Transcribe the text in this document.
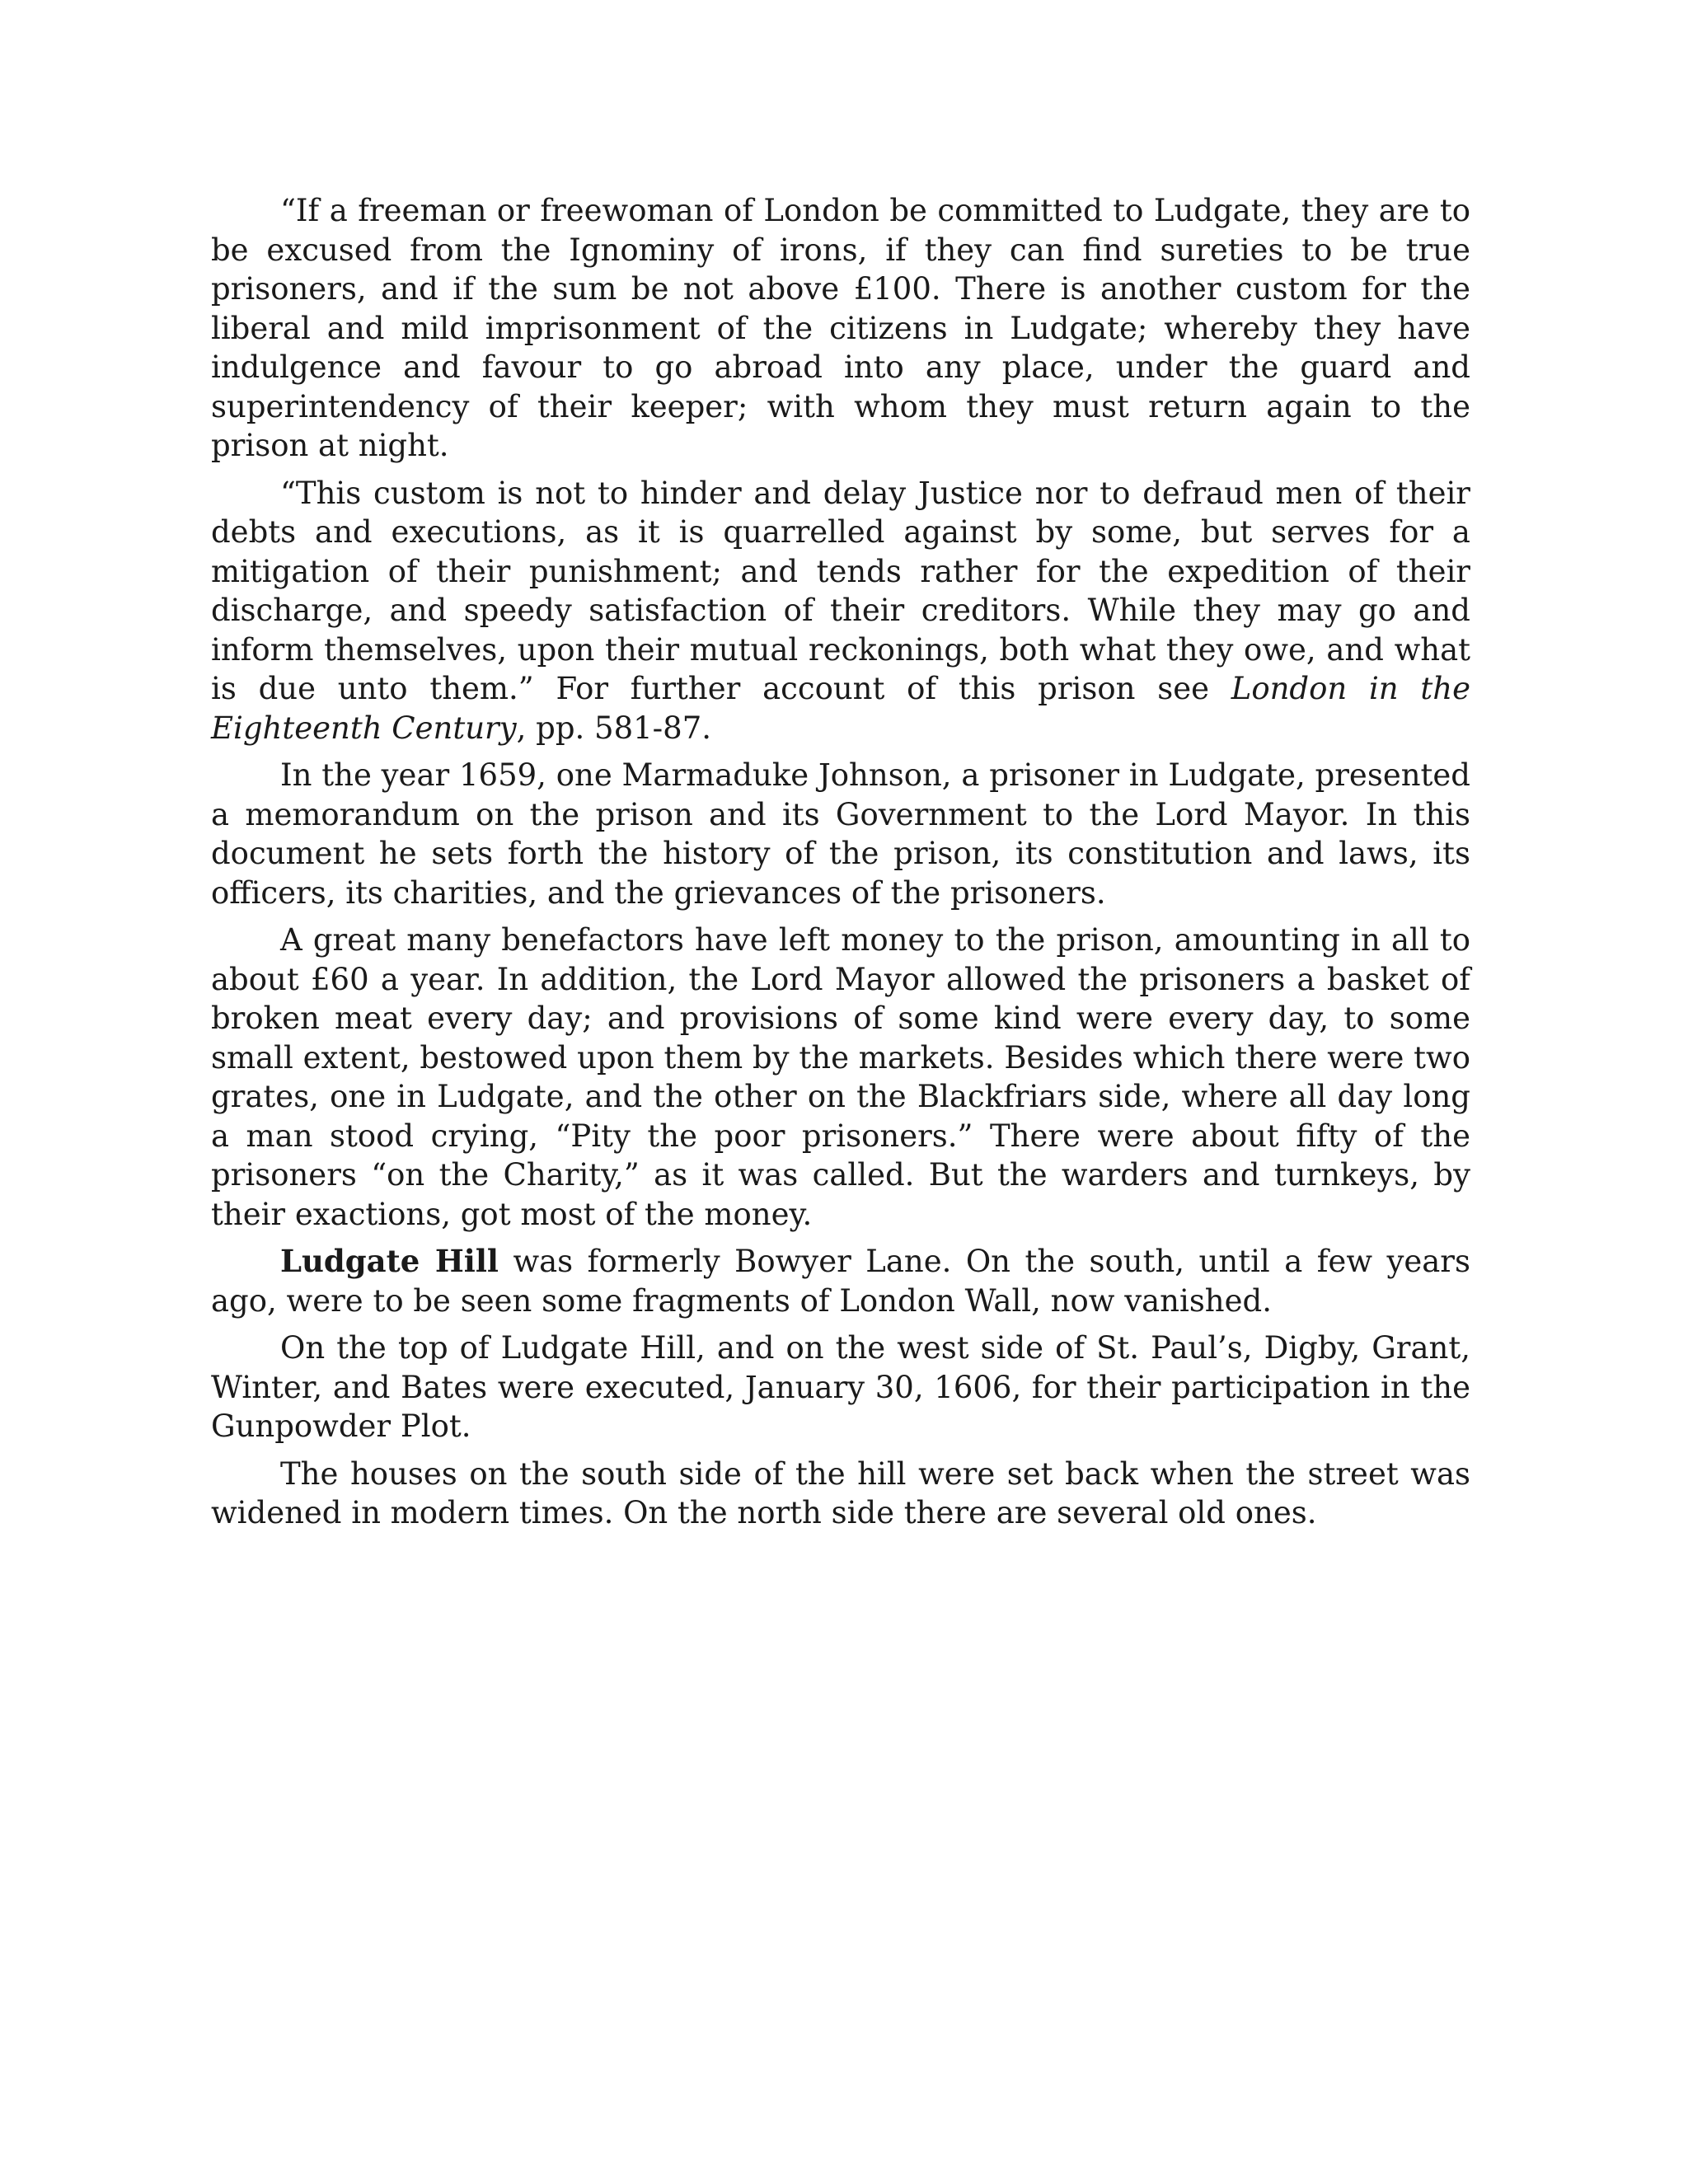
“If a freeman or freewoman of London be committed to Ludgate, they are to be excused from the Ignominy of irons, if they can find sureties to be true prisoners, and if the sum be not above £100. There is another custom for the liberal and mild imprisonment of the citizens in Ludgate; whereby they have indulgence and favour to go abroad into any place, under the guard and superintendency of their keeper; with whom they must return again to the prison at night.

“This custom is not to hinder and delay Justice nor to defraud men of their debts and executions, as it is quarrelled against by some, but serves for a mitigation of their punishment; and tends rather for the expedition of their discharge, and speedy satisfaction of their creditors. While they may go and inform themselves, upon their mutual reckonings, both what they owe, and what is due unto them.” For further account of this prison see London in the Eighteenth Century, pp. 581-87.

In the year 1659, one Marmaduke Johnson, a prisoner in Ludgate, presented a memorandum on the prison and its Government to the Lord Mayor. In this document he sets forth the history of the prison, its constitution and laws, its officers, its charities, and the grievances of the prisoners.

A great many benefactors have left money to the prison, amounting in all to about £60 a year. In addition, the Lord Mayor allowed the prisoners a basket of broken meat every day; and provisions of some kind were every day, to some small extent, bestowed upon them by the markets. Besides which there were two grates, one in Ludgate, and the other on the Blackfriars side, where all day long a man stood crying, “Pity the poor prisoners.” There were about fifty of the prisoners “on the Charity,” as it was called. But the warders and turnkeys, by their exactions, got most of the money.

Ludgate Hill was formerly Bowyer Lane. On the south, until a few years ago, were to be seen some fragments of London Wall, now vanished.

On the top of Ludgate Hill, and on the west side of St. Paul’s, Digby, Grant, Winter, and Bates were executed, January 30, 1606, for their participation in the Gunpowder Plot.

The houses on the south side of the hill were set back when the street was widened in modern times. On the north side there are several old ones.
